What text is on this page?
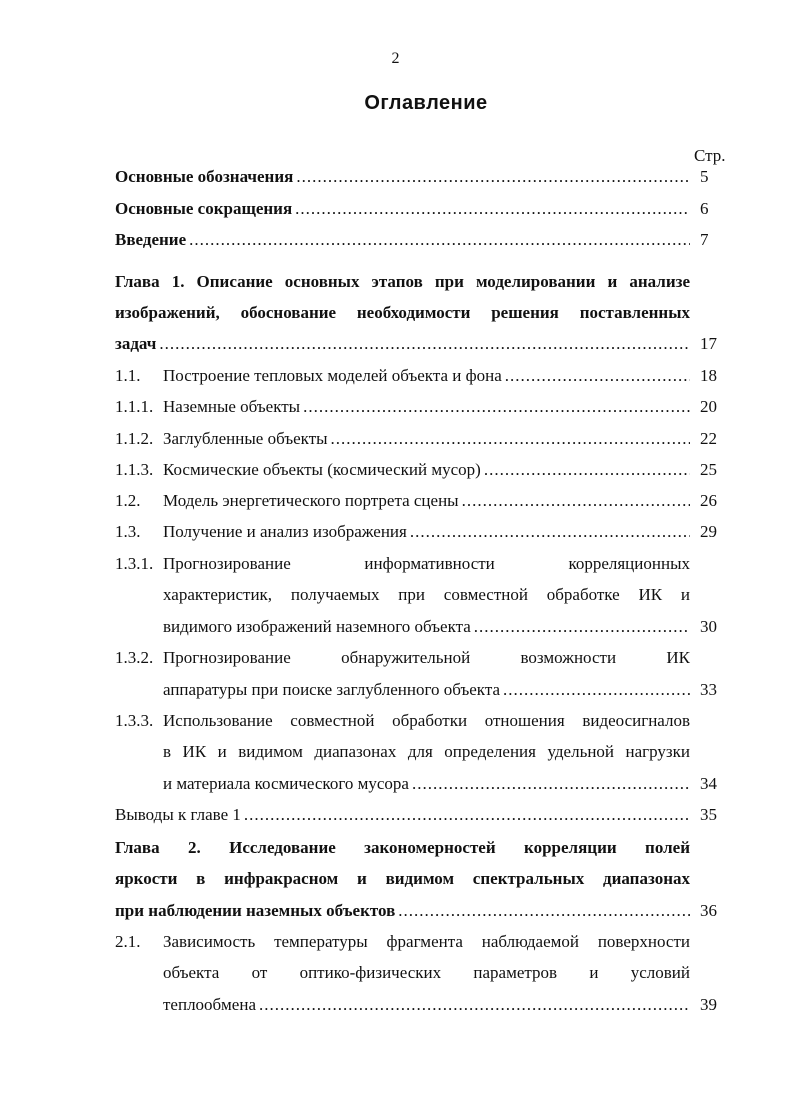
2
Оглавление
Стр.
Основные обозначения .....	5
Основные сокращения .....	6
Введение .....	7
Глава 1. Описание основных этапов при моделировании и анализе
изображений, обоснование необходимости решения поставленных
задач .....	17
1.1. Построение тепловых моделей объекта и фона .....	18
1.1.1. Наземные объекты .....	20
1.1.2. Заглубленные объекты .....	22
1.1.3. Космические объекты (космический мусор) .....	25
1.2. Модель энергетического портрета сцены .....	26
1.3. Получение и анализ изображения .....	29
1.3.1. Прогнозирование информативности корреляционных
характеристик, получаемых при совместной обработке ИК и
видимого изображений наземного объекта .....	30
1.3.2. Прогнозирование обнаружительной возможности ИК
аппаратуры при поиске заглубленного объекта .....	33
1.3.3. Использование совместной обработки отношения видеосигналов
в ИК и видимом диапазонах для определения удельной нагрузки
и материала космического мусора .....	34
Выводы к главе 1 .....	35
Глава 2. Исследование закономерностей корреляции полей
яркости в инфракрасном и видимом спектральных диапазонах
при наблюдении наземных объектов .....	36
2.1. Зависимость температуры фрагмента наблюдаемой поверхности
объекта от оптико-физических параметров и условий
теплообмена .....	39
